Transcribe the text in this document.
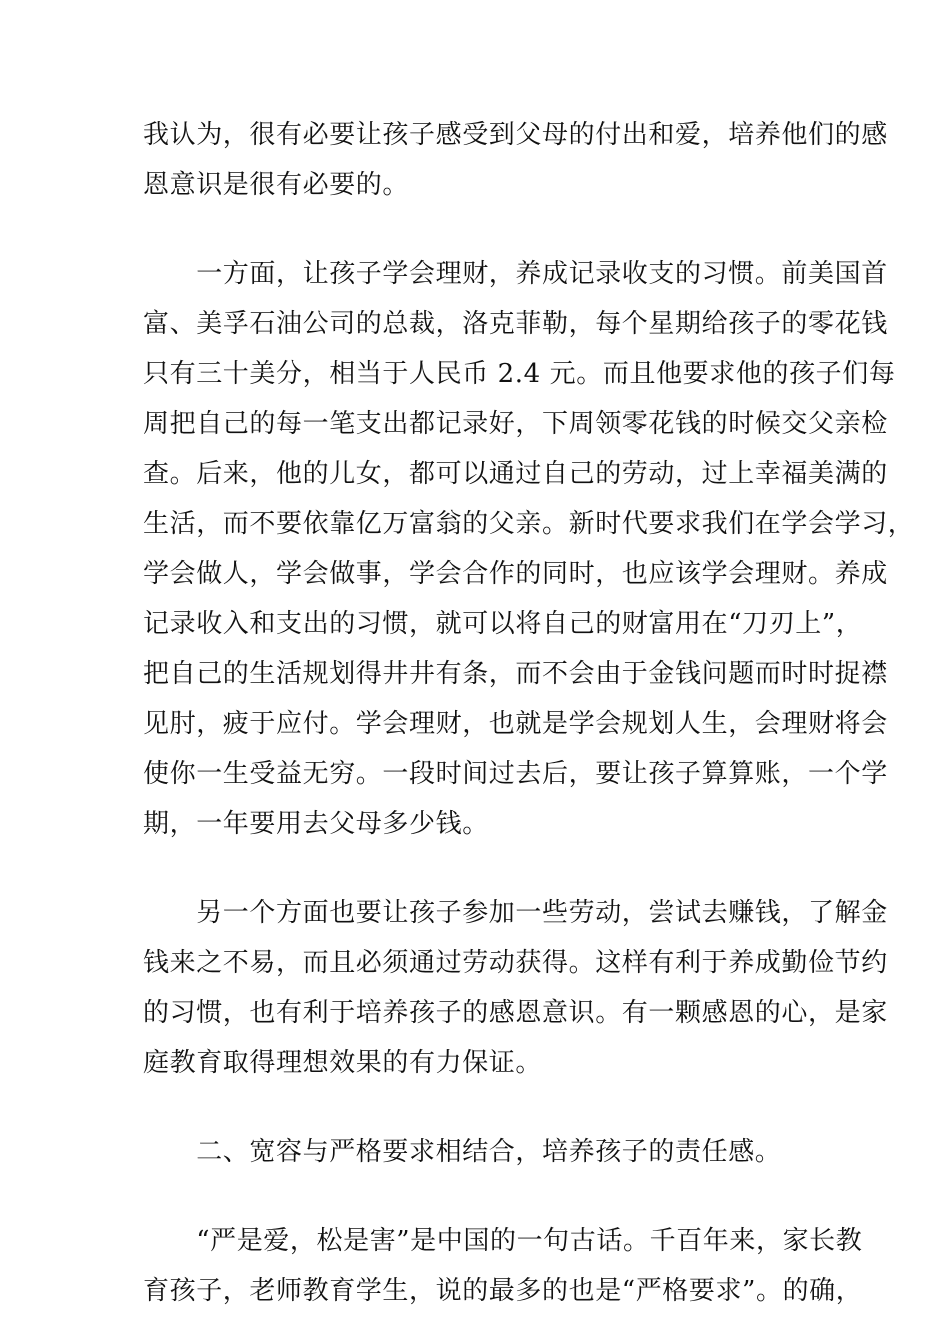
我认为，很有必要让孩子感受到父母的付出和爱，培养他们的感
恩意识是很有必要的。
　　一方面，让孩子学会理财，养成记录收支的习惯。前美国首
富、美孚石油公司的总裁，洛克菲勒，每个星期给孩子的零花钱
只有三十美分，相当于人民币 2.4 元。而且他要求他的孩子们每
周把自己的每一笔支出都记录好，下周领零花钱的时候交父亲检
查。后来，他的儿女，都可以通过自己的劳动，过上幸福美满的
生活，而不要依靠亿万富翁的父亲。新时代要求我们在学会学习，
学会做人，学会做事，学会合作的同时，也应该学会理财。养成
记录收入和支出的习惯，就可以将自己的财富用在“刀刃上”，
把自己的生活规划得井井有条，而不会由于金钱问题而时时捉襟
见肘，疲于应付。学会理财，也就是学会规划人生，会理财将会
使你一生受益无穷。一段时间过去后，要让孩子算算账，一个学
期，一年要用去父母多少钱。
　　另一个方面也要让孩子参加一些劳动，尝试去赚钱，了解金
钱来之不易，而且必须通过劳动获得。这样有利于养成勤俭节约
的习惯，也有利于培养孩子的感恩意识。有一颗感恩的心，是家
庭教育取得理想效果的有力保证。
　　二、宽容与严格要求相结合，培养孩子的责任感。
　　“严是爱，松是害”是中国的一句古话。千百年来，家长教
育孩子，老师教育学生，说的最多的也是“严格要求”。的确，
